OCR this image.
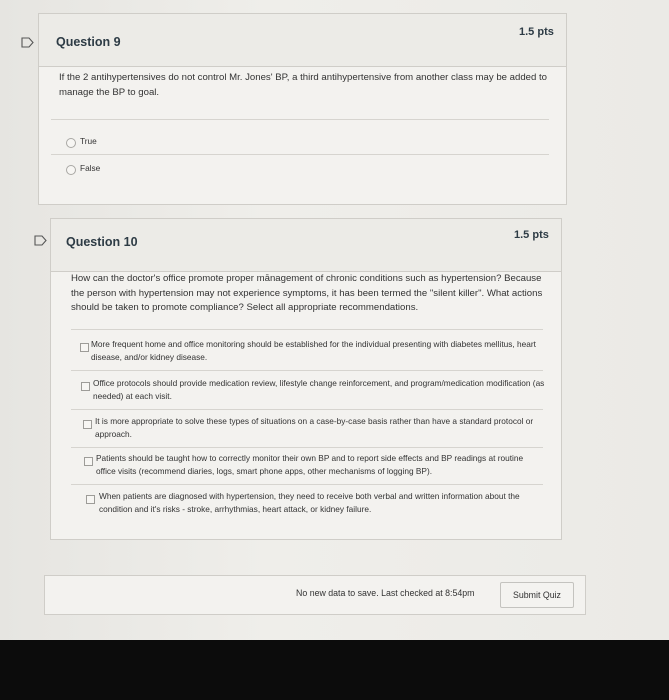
Question 9
1.5 pts
If the 2 antihypertensives do not control Mr. Jones' BP, a third antihypertensive from another class may be added to manage the BP to goal.
True
False
Question 10	1.5 pts
How can the doctor's office promote proper mānagement of chronic conditions such as hypertension? Because the person with hypertension may not experience symptoms, it has been termed the "silent killer". What actions should be taken to promote compliance? Select all appropriate recommendations.
More frequent home and office monitoring should be established for the individual presenting with diabetes mellitus, heart disease, and/or kidney disease.
Office protocols should provide medication review, lifestyle change reinforcement, and program/medication modification (as needed) at each visit.
It is more appropriate to solve these types of situations on a case-by-case basis rather than have a standard protocol or approach.
Patients should be taught how to correctly monitor their own BP and to report side effects and BP readings at routine office visits (recommend diaries, logs, smart phone apps, other mechanisms of logging BP).
When patients are diagnosed with hypertension, they need to receive both verbal and written information about the condition and it's risks - stroke, arrhythmias, heart attack, or kidney failure.
No new data to save. Last checked at 8:54pm	Submit Quiz
